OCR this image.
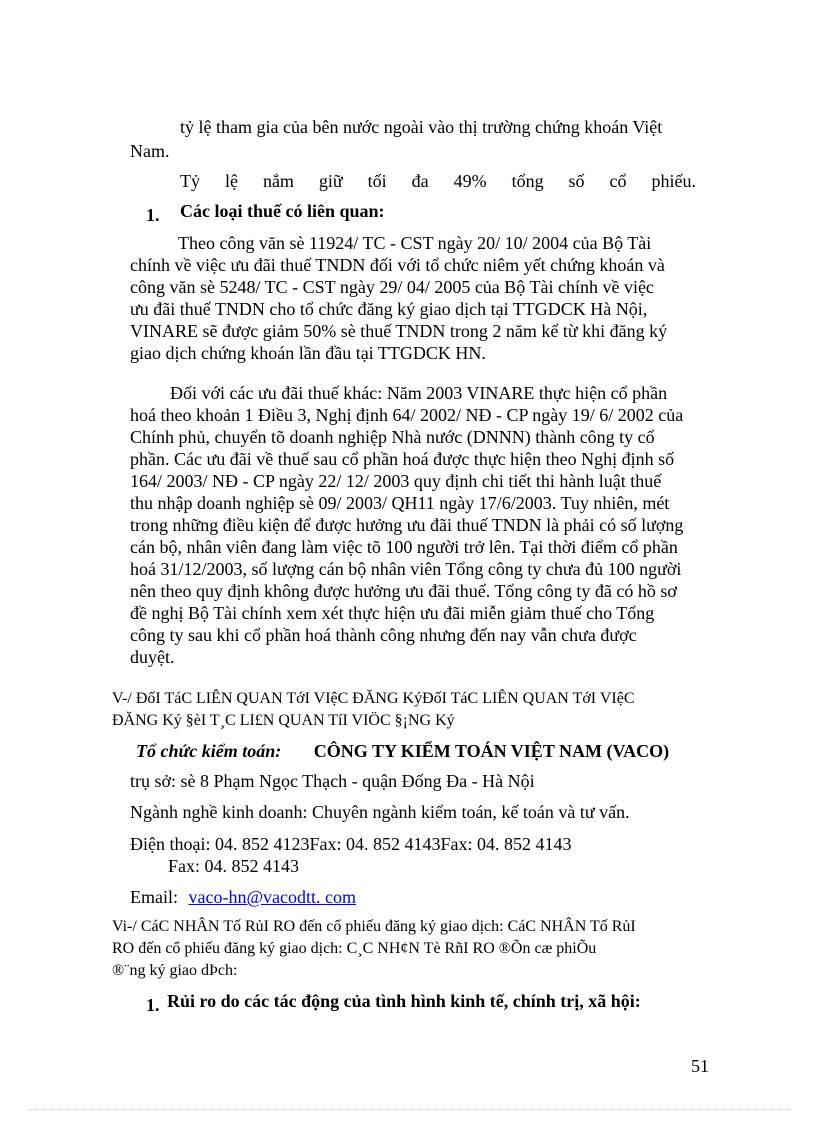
tỷ lệ tham gia của bên nước ngoài vào thị trường chứng khoán Việt
Nam.
Tỷ lệ nắm giữ tối đa 49% tổng số cổ phiếu.
1. Các loại thuế có liên quan:
Theo công văn sè 11924/ TC - CST ngày 20/ 10/ 2004 của Bộ Tài
chính về việc ưu đãi thuế TNDN đối với tổ chức niêm yết chứng khoán và
công văn sè 5248/ TC - CST ngày 29/ 04/ 2005 của Bộ Tài chính về việc
ưu đãi thuế TNDN cho tổ chức đăng ký giao dịch tại TTGDCK Hà Nội,
VINARE sẽ được giảm 50% sè thuế TNDN trong 2 năm kể từ khi đăng ký
giao dịch chứng khoán lần đầu tại TTGDCK HN.
Đối với các ưu đãi thuế khác: Năm 2003 VINARE thực hiện cổ phần
hoá theo khoản 1 Điều 3, Nghị định 64/ 2002/ NĐ - CP ngày 19/ 6/ 2002 của
Chính phủ, chuyển tõ doanh nghiệp Nhà nước (DNNN) thành công ty cổ
phần. Các ưu đãi về thuế sau cổ phần hoá được thực hiện theo Nghị định số
164/ 2003/ NĐ - CP ngày 22/ 12/ 2003 quy định chi tiết thi hành luật thuế
thu nhập doanh nghiệp sè 09/ 2003/ QH11 ngày 17/6/2003. Tuy nhiên, mét
trong những điều kiện để được hưởng ưu đãi thuế TNDN là phải có số lượng
cán bộ, nhân viên đang làm việc tõ 100 người trở lên. Tại thời điểm cổ phần
hoá 31/12/2003, số lượng cán bộ nhân viên Tổng công ty chưa đủ 100 người
nên theo quy định không được hưởng ưu đãi thuế. Tổng công ty đã có hồ sơ
đề nghị Bộ Tài chính xem xét thực hiện ưu đãi miễn giảm thuế cho Tổng
công ty sau khi cổ phần hoá thành công nhưng đến nay vẫn chưa được
duyệt.
V-/ ĐốI TáC LIÊN QUAN TớI VIệC ĐĂNG KýĐốI TáC LIÊN QUAN TớI VIệC
ĐĂNG Ký §èI T¸C LI£N QUAN TíI VIÖC §¡NG Ký
Tổ chức kiểm toán: CÔNG TY KIỂM TOÁN VIỆT NAM (VACO)
trụ sở: sè 8 Phạm Ngọc Thạch - quận Đống Đa - Hà Nội
Ngành nghề kinh doanh: Chuyên ngành kiểm toán, kế toán và tư vấn.
Điện thoại: 04. 852 4123Fax: 04. 852 4143Fax: 04. 852 4143
Fax: 04. 852 4143
Email: vaco-hn@vacodtt. com
Vi-/ CáC NHÂN Tố RủI RO đến cổ phiếu đăng ký giao dịch: CáC NHÂN Tố RủI
RO đến cổ phiếu đăng ký giao dịch: C¸C NH¢N Tè RñI RO ®Õn cæ phiÕu
®¨ng ký giao dÞch:
1. Rủi ro do các tác động của tình hình kinh tế, chính trị, xã hội:
51
